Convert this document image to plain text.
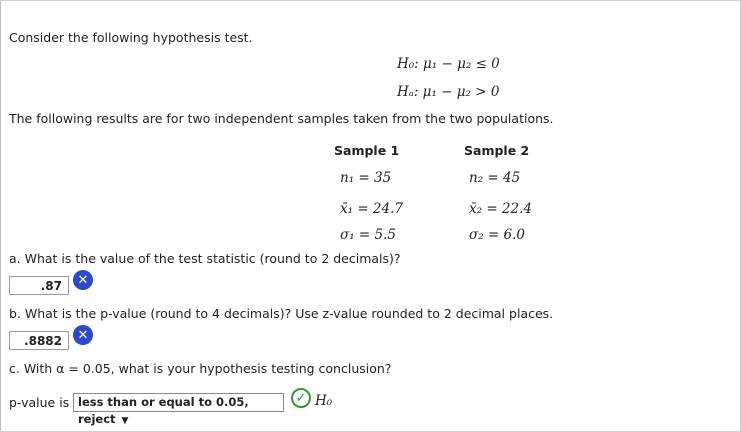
Consider the following hypothesis test.
H₀: μ₁ − μ₂ ≤ 0
Hₐ: μ₁ − μ₂ > 0
The following results are for two independent samples taken from the two populations.
Sample 1	Sample 2
n₁ = 35	n₂ = 45
x̄₁ = 24.7	x̄₂ = 22.4
σ₁ = 5.5	σ₂ = 6.0
a. What is the value of the test statistic (round to 2 decimals)?
.87	✕
b. What is the p-value (round to 4 decimals)? Use z-value rounded to 2 decimal places.
.8882	✕
c. With α = 0.05, what is your hypothesis testing conclusion?
p-value is less than or equal to 0.05, reject ▼
✓ H₀
